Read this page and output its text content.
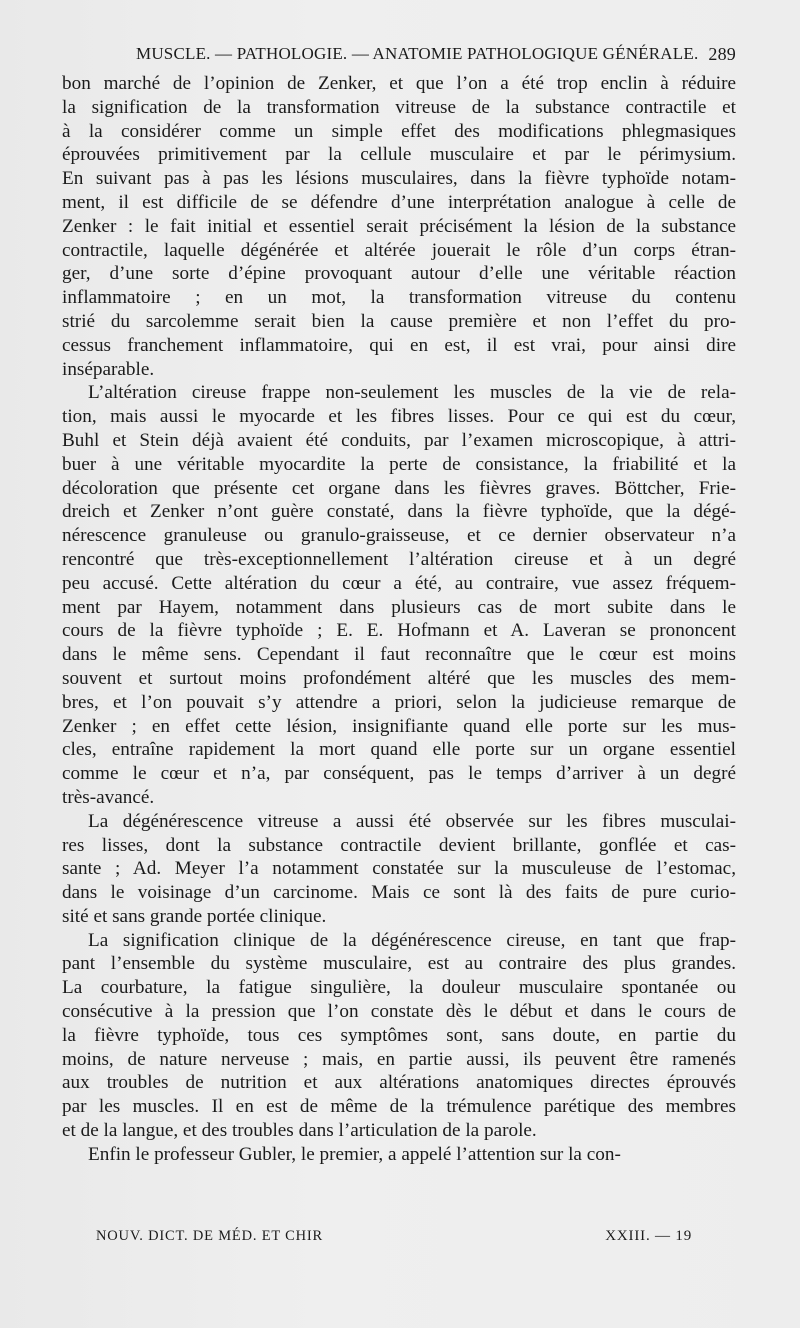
MUSCLE. — PATHOLOGIE. — ANATOMIE PATHOLOGIQUE GÉNÉRALE. 289
bon marché de l’opinion de Zenker, et que l’on a été trop enclin à réduire
la signification de la transformation vitreuse de la substance contractile et
à la considérer comme un simple effet des modifications phlegmasiques
éprouvées primitivement par la cellule musculaire et par le périmysium.
En suivant pas à pas les lésions musculaires, dans la fièvre typhoïde notam-
ment, il est difficile de se défendre d’une interprétation analogue à celle de
Zenker : le fait initial et essentiel serait précisément la lésion de la substance
contractile, laquelle dégénérée et altérée jouerait le rôle d’un corps étran-
ger, d’une sorte d’épine provoquant autour d’elle une véritable réaction
inflammatoire ; en un mot, la transformation vitreuse du contenu
strié du sarcolemme serait bien la cause première et non l’effet du pro-
cessus franchement inflammatoire, qui en est, il est vrai, pour ainsi dire
inséparable.
L’altération cireuse frappe non-seulement les muscles de la vie de rela-
tion, mais aussi le myocarde et les fibres lisses. Pour ce qui est du cœur,
Buhl et Stein déjà avaient été conduits, par l’examen microscopique, à attri-
buer à une véritable myocardite la perte de consistance, la friabilité et la
décoloration que présente cet organe dans les fièvres graves. Böttcher, Frie-
dreich et Zenker n’ont guère constaté, dans la fièvre typhoïde, que la dégé-
nérescence granuleuse ou granulo-graisseuse, et ce dernier observateur n’a
rencontré que très-exceptionnellement l’altération cireuse et à un degré
peu accusé. Cette altération du cœur a été, au contraire, vue assez fréquem-
ment par Hayem, notamment dans plusieurs cas de mort subite dans le
cours de la fièvre typhoïde ; E. E. Hofmann et A. Laveran se prononcent
dans le même sens. Cependant il faut reconnaître que le cœur est moins
souvent et surtout moins profondément altéré que les muscles des mem-
bres, et l’on pouvait s’y attendre a priori, selon la judicieuse remarque de
Zenker ; en effet cette lésion, insignifiante quand elle porte sur les mus-
cles, entraîne rapidement la mort quand elle porte sur un organe essentiel
comme le cœur et n’a, par conséquent, pas le temps d’arriver à un degré
très-avancé.
La dégénérescence vitreuse a aussi été observée sur les fibres musculai-
res lisses, dont la substance contractile devient brillante, gonflée et cas-
sante ; Ad. Meyer l’a notamment constatée sur la musculeuse de l’estomac,
dans le voisinage d’un carcinome. Mais ce sont là des faits de pure curio-
sité et sans grande portée clinique.
La signification clinique de la dégénérescence cireuse, en tant que frap-
pant l’ensemble du système musculaire, est au contraire des plus grandes.
La courbature, la fatigue singulière, la douleur musculaire spontanée ou
consécutive à la pression que l’on constate dès le début et dans le cours de
la fièvre typhoïde, tous ces symptômes sont, sans doute, en partie du
moins, de nature nerveuse ; mais, en partie aussi, ils peuvent être ramenés
aux troubles de nutrition et aux altérations anatomiques directes éprouvés
par les muscles. Il en est de même de la trémulence parétique des membres
et de la langue, et des troubles dans l’articulation de la parole.
Enfin le professeur Gubler, le premier, a appelé l’attention sur la con-
NOUV. DICT. DE MÉD. ET CHIR	XXIII. — 19
